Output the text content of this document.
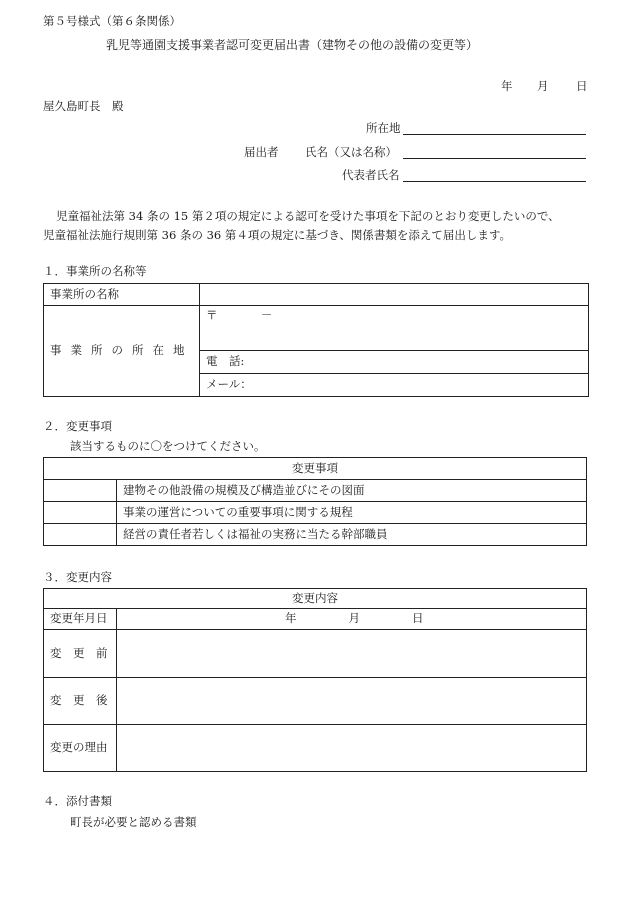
第５号様式（第６条関係）
乳児等通園支援事業者認可変更届出書（建物その他の設備の変更等）
年 月 日
屋久島町長　殿
所在地
届出者 氏名（又は名称）
代表者氏名
児童福祉法第 34 条の 15 第２項の規定による認可を受けた事項を下記のとおり変更したいので、
児童福祉法施行規則第 36 条の 36 第４項の規定に基づき、関係書類を添えて届出します。
１．事業所の名称等
事業所の名称	
事業所の所在地	〒 －
	電　話:
	メール：
２．変更事項
該当するものに〇をつけてください。
変更事項	
	建物その他設備の規模及び構造並びにその図面
	事業の運営についての重要事項に関する規程
	経営の責任者若しくは福祉の実務に当たる幹部職員
３．変更内容
変更内容	
変更年月日	年 月 日
変　更　前	
変　更　後	
変更の理由	
４．添付書類
町長が必要と認める書類
